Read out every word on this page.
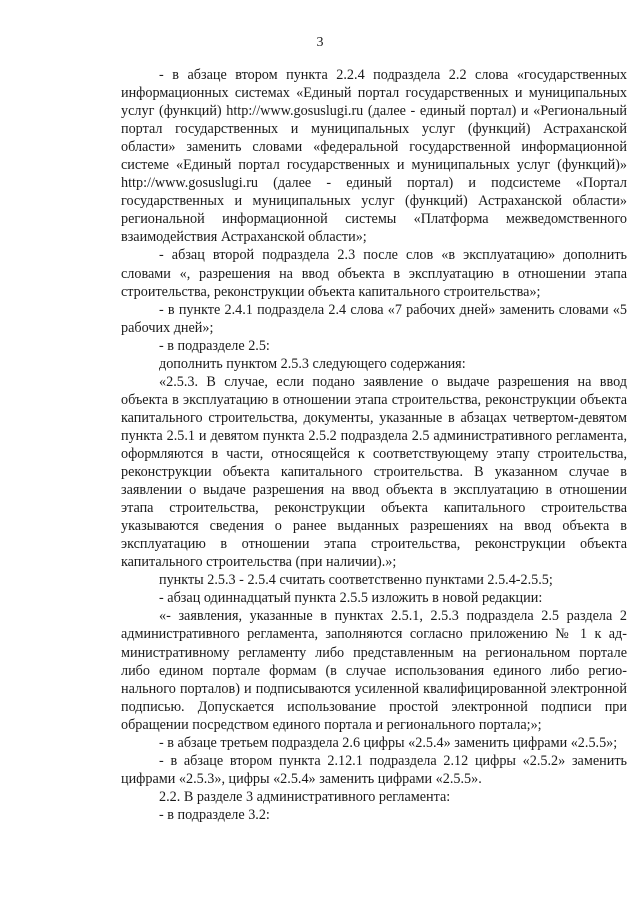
3

- в абзаце втором пункта 2.2.4 подраздела 2.2 слова «государственных информационных системах «Единый портал государственных и муниципальных услуг (функций) http://www.gosuslugi.ru (далее - единый портал) и «Региональный портал государственных и муниципальных услуг (функций) Астраханской области» заменить словами «федеральной государственной информационной системе «Единый портал государственных и муниципальных услуг (функций)» http://www.gosuslugi.ru (далее - единый портал) и подсистеме «Портал государственных и муниципальных услуг (функций) Астраханской области» региональной информационной системы «Платформа межведомственного взаимодействия Астраханской области»;

- абзац второй подраздела 2.3 после слов «в эксплуатацию» дополнить словами «, разрешения на ввод объекта в эксплуатацию в отношении этапа строительства, реконструкции объекта капитального строительства»;

- в пункте 2.4.1 подраздела 2.4 слова «7 рабочих дней» заменить словами «5 рабочих дней»;

- в подразделе 2.5:

дополнить пунктом 2.5.3 следующего содержания:

«2.5.3. В случае, если подано заявление о выдаче разрешения на ввод объекта в эксплуатацию в отношении этапа строительства, реконструкции объекта капитального строительства, документы, указанные в абзацах четвертом-девятом пункта 2.5.1 и девятом пункта 2.5.2 подраздела 2.5 административного регламента, оформляются в части, относящейся к соответствующему этапу строительства, реконструкции объекта капитального строительства. В указанном случае в заявлении о выдаче разрешения на ввод объекта в эксплуатацию в отношении этапа строительства, реконструкции объекта капитального строительства указываются сведения о ранее выданных разрешениях на ввод объекта в эксплуатацию в отношении этапа строительства, реконструкции объекта капитального строительства (при наличии).»;

пункты 2.5.3 - 2.5.4 считать соответственно пунктами 2.5.4-2.5.5;

- абзац одиннадцатый пункта 2.5.5 изложить в новой редакции:

«- заявления, указанные в пунктах 2.5.1, 2.5.3 подраздела 2.5 раздела 2 административного регламента, заполняются согласно приложению № 1 к административному регламенту либо представленным на региональном портале либо едином портале формам (в случае использования единого либо регионального порталов) и подписываются усиленной квалифицированной электронной подписью. Допускается использование простой электронной подписи при обращении посредством единого портала и регионального портала;»;

- в абзаце третьем подраздела 2.6 цифры «2.5.4» заменить цифрами «2.5.5»;

- в абзаце втором пункта 2.12.1 подраздела 2.12 цифры «2.5.2» заменить цифрами «2.5.3», цифры «2.5.4» заменить цифрами «2.5.5».

2.2. В разделе 3 административного регламента:

- в подразделе 3.2:
